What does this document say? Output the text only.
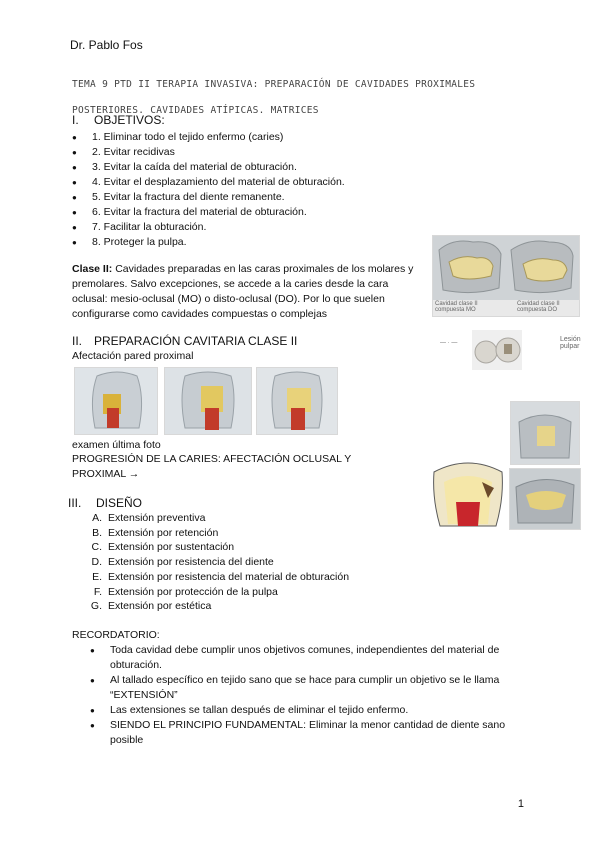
Dr. Pablo Fos
TEMA 9 PTD II TERAPIA INVASIVA: PREPARACIÓN DE CAVIDADES PROXIMALES POSTERIORES. CAVIDADES ATÍPICAS. MATRICES
I. OBJETIVOS:
● 1. Eliminar todo el tejido enfermo (caries)
● 2. Evitar recidivas
● 3. Evitar la caída del material de obturación.
● 4. Evitar el desplazamiento del material de obturación.
● 5. Evitar la fractura del diente remanente.
● 6. Evitar la fractura del material de obturación.
● 7. Facilitar la obturación.
● 8. Proteger la pulpa.
Clase II: Cavidades preparadas en las caras proximales de los molares y premolares. Salvo excepciones, se accede a la caries desde la cara oclusal: mesio-oclusal (MO) o disto-oclusal (DO). Por lo que suelen configurarse como cavidades compuestas o complejas
Cavidad clase II compuesta MO
Cavidad clase II compuesta DO
II. PREPARACIÓN CAVITARIA CLASE II
Afectación pared proximal
— · —	Lesión pulpar
examen última foto
PROGRESIÓN DE LA CARIES: AFECTACIÓN OCLUSAL Y PROXIMAL →
III. DISEÑO
A. Extensión preventiva
B. Extensión por retención
C. Extensión por sustentación
D. Extensión por resistencia del diente
E. Extensión por resistencia del material de obturación
F. Extensión por protección de la pulpa
G. Extensión por estética
RECORDATORIO:
● Toda cavidad debe cumplir unos objetivos comunes, independientes del material de obturación.
● Al tallado específico en tejido sano que se hace para cumplir un objetivo se le llama “EXTENSIÓN”
● Las extensiones se tallan después de eliminar el tejido enfermo.
● SIENDO EL PRINCIPIO FUNDAMENTAL: Eliminar la menor cantidad de diente sano posible
1
